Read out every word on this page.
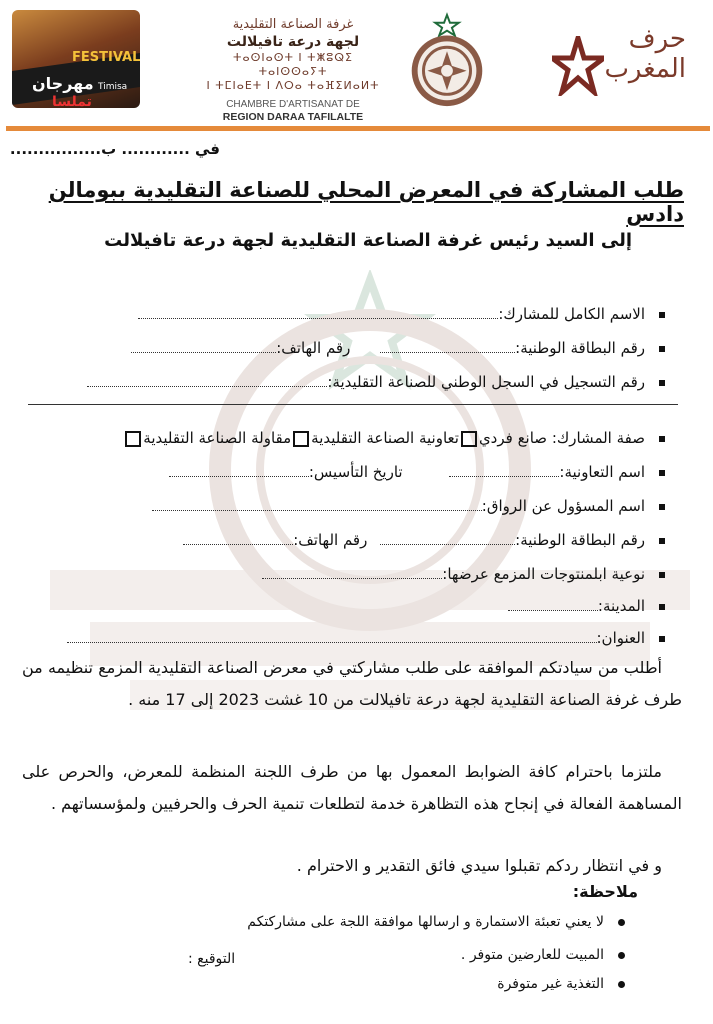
FESTIVAL
مهرجان Timisa
تملسا
غرفة الصناعة التقليدية
لجهة درعة تافيلالت
ⵜⴰⵙⵏⴰⵙⵜ ⵏ ⵜⵥⵓⵕⵉ ⵜⴰⵏⵙⵙⴰⵢⵜ
ⵏ ⵜⵎⵏⴰⴹⵜ ⵏ ⴷⵔⴰ ⵜⴰⴼⵉⵍⴰⵍⵜ
CHAMBRE D'ARTISANAT DE
REGION DARAA TAFILALTE
حرف المغرب
في ............ ب................
طلب المشاركة في المعرض المحلي للصناعة التقليدية ببومالن دادس
إلى السيد رئيس غرفة الصناعة التقليدية لجهة درعة تافيلالت
الاسم الكامل للمشارك:
رقم البطاقة الوطنية: رقم الهاتف:
رقم التسجيل في السجل الوطني للصناعة التقليدية:
صفة المشارك: صانع فرديتعاونية الصناعة التقليديةمقاولة الصناعة التقليدية
اسم التعاونية: تاريخ التأسيس:
اسم المسؤول عن الرواق:
رقم البطاقة الوطنية: رقم الهاتف:
نوعية ابلمنتوجات المزمع عرضها:
المدينة:
العنوان:
أطلب من سيادتكم الموافقة على طلب مشاركتي في معرض الصناعة التقليدية المزمع تنظيمه من طرف غرفة الصناعة التقليدية لجهة درعة تافيلالت من 10 غشت 2023 إلى 17 منه .
ملتزما باحترام كافة الضوابط المعمول بها من طرف اللجنة المنظمة للمعرض، والحرص على المساهمة الفعالة في إنجاح هذه التظاهرة خدمة لتطلعات تنمية الحرف والحرفيين ولمؤسساتهم .
و في انتظار ردكم تقبلوا سيدي فائق التقدير و الاحترام .
ملاحظة:
لا يعني تعبئة الاستمارة و ارسالها موافقة اللجة على مشاركتكم
المبيت للعارضين متوفر .
التغذية غير متوفرة
التوقيع :
